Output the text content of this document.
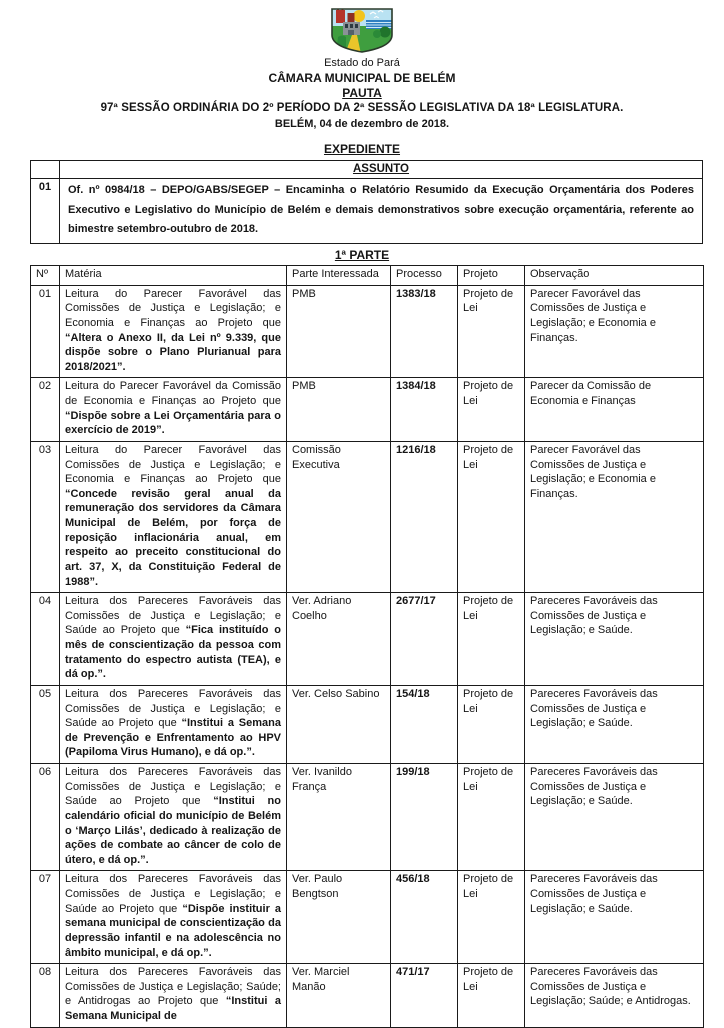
Estado do Pará
CÂMARA MUNICIPAL DE BELÉM
PAUTA
97ª SESSÃO ORDINÁRIA DO 2º PERÍODO DA 2ª SESSÃO LEGISLATIVA DA 18ª LEGISLATURA.
BELÉM, 04 de dezembro de 2018.
EXPEDIENTE
	ASSUNTO
01	Of. nº 0984/18 – DEPO/GABS/SEGEP – Encaminha o Relatório Resumido da Execução Orçamentária dos Poderes Executivo e Legislativo do Município de Belém e demais demonstrativos sobre execução orçamentária, referente ao bimestre setembro-outubro de 2018.
1ª PARTE
Nº	Matéria	Parte Interessada	Processo	Projeto	Observação
01	Leitura do Parecer Favorável das Comissões de Justiça e Legislação; e Economia e Finanças ao Projeto que “Altera o Anexo II, da Lei nº 9.339, que dispõe sobre o Plano Plurianual para 2018/2021”.	PMB	1383/18	Projeto de Lei	Parecer Favorável das Comissões de Justiça e Legislação; e Economia e Finanças.
02	Leitura do Parecer Favorável da Comissão de Economia e Finanças ao Projeto que “Dispõe sobre a Lei Orçamentária para o exercício de 2019”.	PMB	1384/18	Projeto de Lei	Parecer da Comissão de Economia e Finanças
03	Leitura do Parecer Favorável das Comissões de Justiça e Legislação; e Economia e Finanças ao Projeto que “Concede revisão geral anual da remuneração dos servidores da Câmara Municipal de Belém, por força de reposição inflacionária anual, em respeito ao preceito constitucional do art. 37, X, da Constituição Federal de 1988”.	Comissão Executiva	1216/18	Projeto de Lei	Parecer Favorável das Comissões de Justiça e Legislação; e Economia e Finanças.
04	Leitura dos Pareceres Favoráveis das Comissões de Justiça e Legislação; e Saúde ao Projeto que “Fica instituído o mês de conscientização da pessoa com tratamento do espectro autista (TEA), e dá op.”.	Ver. Adriano Coelho	2677/17	Projeto de Lei	Pareceres Favoráveis das Comissões de Justiça e Legislação; e Saúde.
05	Leitura dos Pareceres Favoráveis das Comissões de Justiça e Legislação; e Saúde ao Projeto que “Institui a Semana de Prevenção e Enfrentamento ao HPV (Papiloma Virus Humano), e dá op.”.	Ver. Celso Sabino	154/18	Projeto de Lei	Pareceres Favoráveis das Comissões de Justiça e Legislação; e Saúde.
06	Leitura dos Pareceres Favoráveis das Comissões de Justiça e Legislação; e Saúde ao Projeto que “Institui no calendário oficial do município de Belém o ‘Março Lilás’, dedicado à realização de ações de combate ao câncer de colo de útero, e dá op.”.	Ver. Ivanildo França	199/18	Projeto de Lei	Pareceres Favoráveis das Comissões de Justiça e Legislação; e Saúde.
07	Leitura dos Pareceres Favoráveis das Comissões de Justiça e Legislação; e Saúde ao Projeto que “Dispõe instituir a semana municipal de conscientização da depressão infantil e na adolescência no âmbito municipal, e dá op.”.	Ver. Paulo Bengtson	456/18	Projeto de Lei	Pareceres Favoráveis das Comissões de Justiça e Legislação; e Saúde.
08	Leitura dos Pareceres Favoráveis das Comissões de Justiça e Legislação; Saúde; e Antidrogas ao Projeto que “Institui a Semana Municipal de	Ver. Marciel Manão	471/17	Projeto de Lei	Pareceres Favoráveis das Comissões de Justiça e Legislação; Saúde; e Antidrogas.
